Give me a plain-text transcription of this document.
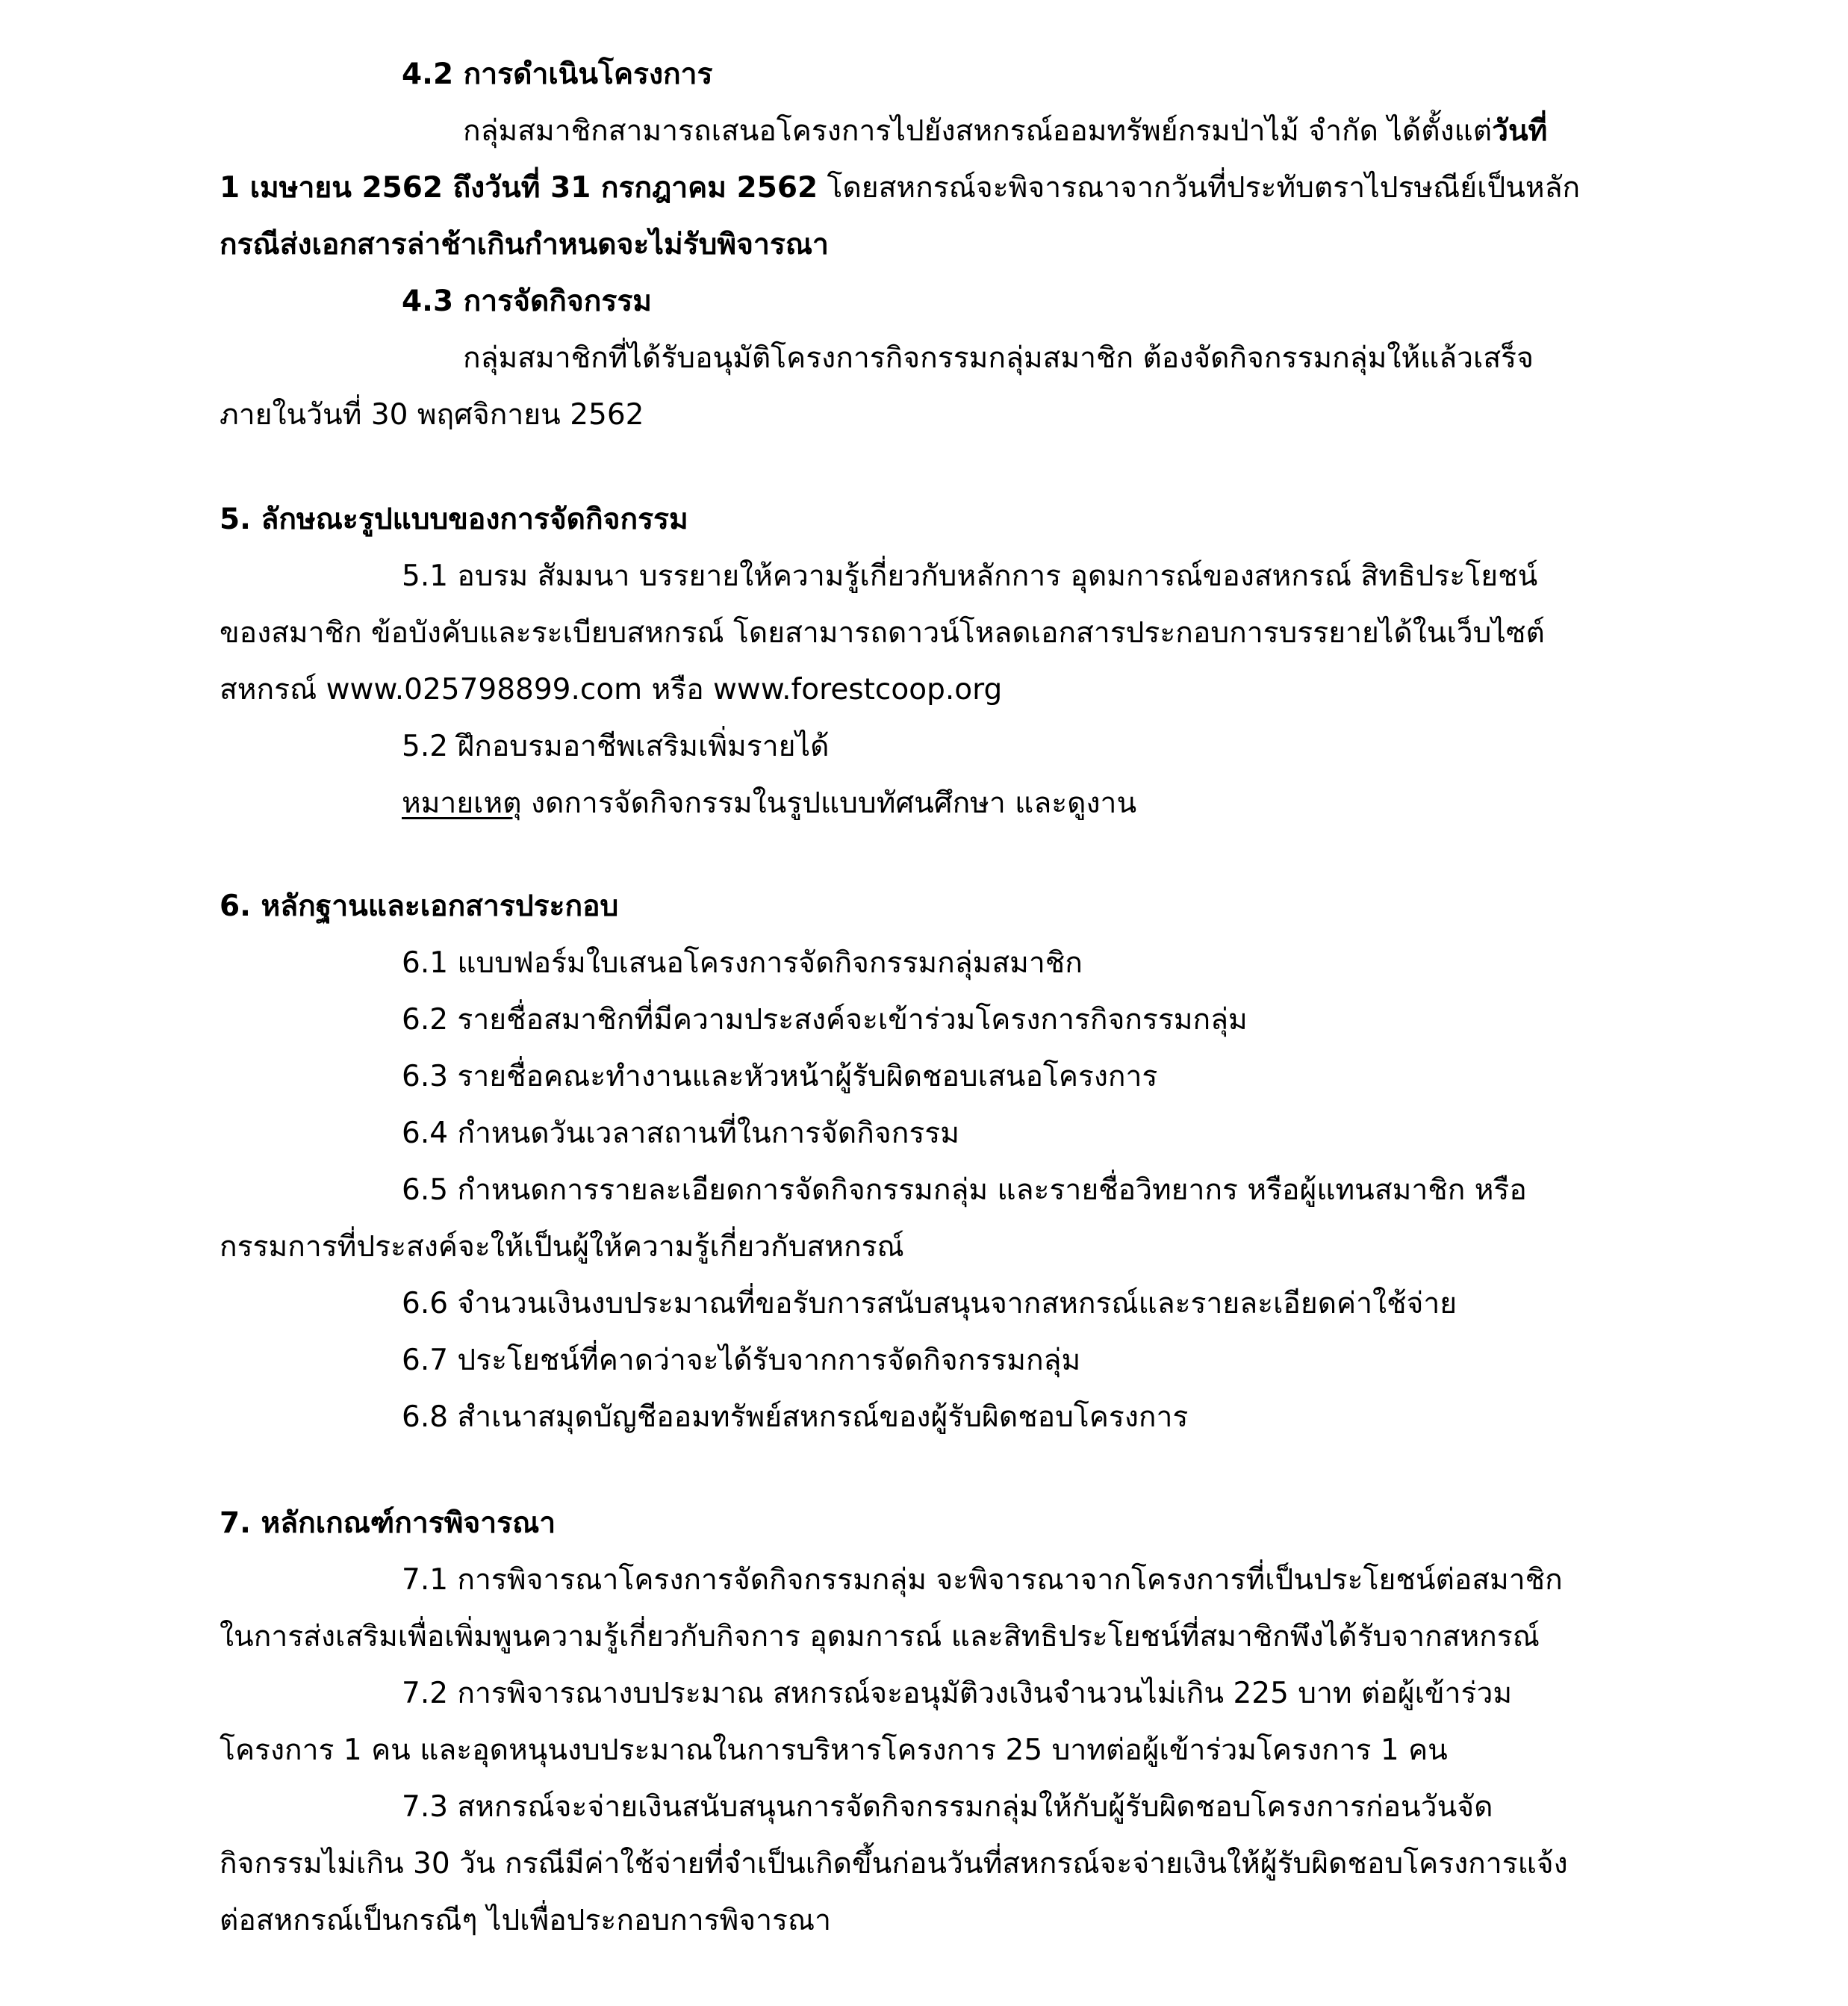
4.2 การดำเนินโครงการ
กลุ่มสมาชิกสามารถเสนอโครงการไปยังสหกรณ์ออมทรัพย์กรมป่าไม้ จำกัด ได้ตั้งแต่วันที่
1 เมษายน 2562 ถึงวันที่ 31 กรกฎาคม 2562 โดยสหกรณ์จะพิจารณาจากวันที่ประทับตราไปรษณีย์เป็นหลัก
กรณีส่งเอกสารล่าช้าเกินกำหนดจะไม่รับพิจารณา
4.3 การจัดกิจกรรม
กลุ่มสมาชิกที่ได้รับอนุมัติโครงการกิจกรรมกลุ่มสมาชิก ต้องจัดกิจกรรมกลุ่มให้แล้วเสร็จ
ภายในวันที่ 30 พฤศจิกายน 2562
5. ลักษณะรูปแบบของการจัดกิจกรรม
5.1 อบรม สัมมนา บรรยายให้ความรู้เกี่ยวกับหลักการ อุดมการณ์ของสหกรณ์ สิทธิประโยชน์
ของสมาชิก ข้อบังคับและระเบียบสหกรณ์ โดยสามารถดาวน์โหลดเอกสารประกอบการบรรยายได้ในเว็บไซต์
สหกรณ์ www.025798899.com หรือ www.forestcoop.org
5.2 ฝึกอบรมอาชีพเสริมเพิ่มรายได้
หมายเหตุ งดการจัดกิจกรรมในรูปแบบทัศนศึกษา และดูงาน
6. หลักฐานและเอกสารประกอบ
6.1 แบบฟอร์มใบเสนอโครงการจัดกิจกรรมกลุ่มสมาชิก
6.2 รายชื่อสมาชิกที่มีความประสงค์จะเข้าร่วมโครงการกิจกรรมกลุ่ม
6.3 รายชื่อคณะทำงานและหัวหน้าผู้รับผิดชอบเสนอโครงการ
6.4 กำหนดวันเวลาสถานที่ในการจัดกิจกรรม
6.5 กำหนดการรายละเอียดการจัดกิจกรรมกลุ่ม และรายชื่อวิทยากร หรือผู้แทนสมาชิก หรือ
กรรมการที่ประสงค์จะให้เป็นผู้ให้ความรู้เกี่ยวกับสหกรณ์
6.6 จำนวนเงินงบประมาณที่ขอรับการสนับสนุนจากสหกรณ์และรายละเอียดค่าใช้จ่าย
6.7 ประโยชน์ที่คาดว่าจะได้รับจากการจัดกิจกรรมกลุ่ม
6.8 สำเนาสมุดบัญชีออมทรัพย์สหกรณ์ของผู้รับผิดชอบโครงการ
7. หลักเกณฑ์การพิจารณา
7.1 การพิจารณาโครงการจัดกิจกรรมกลุ่ม จะพิจารณาจากโครงการที่เป็นประโยชน์ต่อสมาชิก
ในการส่งเสริมเพื่อเพิ่มพูนความรู้เกี่ยวกับกิจการ อุดมการณ์ และสิทธิประโยชน์ที่สมาชิกพึงได้รับจากสหกรณ์
7.2 การพิจารณางบประมาณ สหกรณ์จะอนุมัติวงเงินจำนวนไม่เกิน 225 บาท ต่อผู้เข้าร่วม
โครงการ 1 คน และอุดหนุนงบประมาณในการบริหารโครงการ 25 บาทต่อผู้เข้าร่วมโครงการ 1 คน
7.3 สหกรณ์จะจ่ายเงินสนับสนุนการจัดกิจกรรมกลุ่มให้กับผู้รับผิดชอบโครงการก่อนวันจัด
กิจกรรมไม่เกิน 30 วัน กรณีมีค่าใช้จ่ายที่จำเป็นเกิดขึ้นก่อนวันที่สหกรณ์จะจ่ายเงินให้ผู้รับผิดชอบโครงการแจ้ง
ต่อสหกรณ์เป็นกรณีๆ ไปเพื่อประกอบการพิจารณา
